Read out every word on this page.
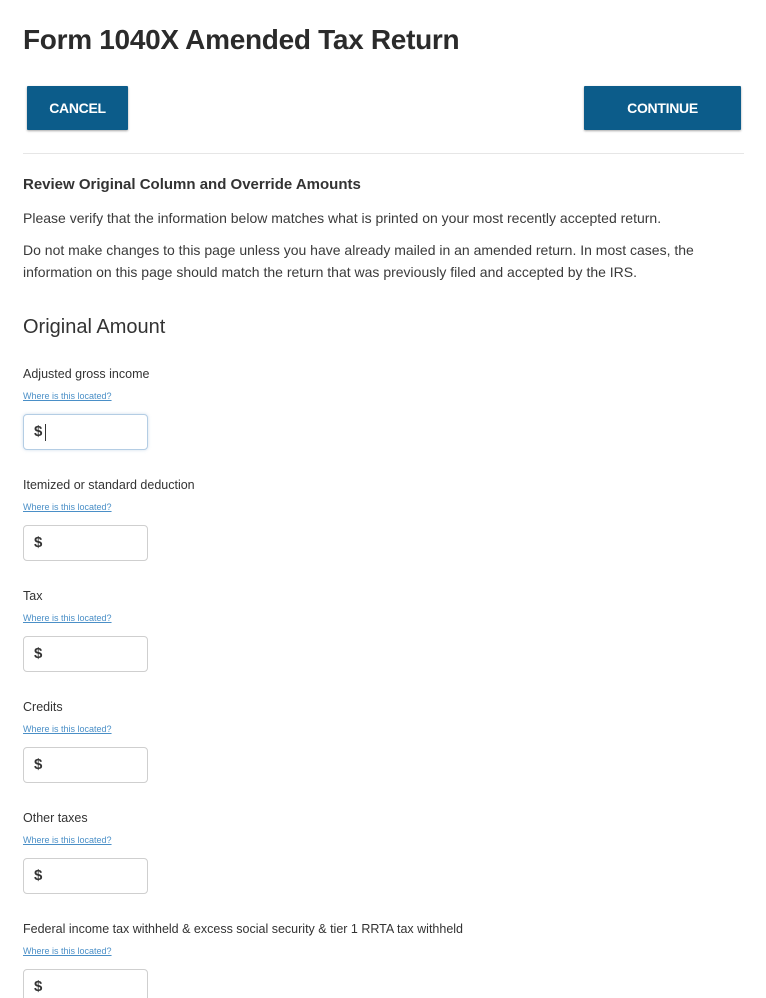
Form 1040X Amended Tax Return
CANCEL	CONTINUE
Review Original Column and Override Amounts

Please verify that the information below matches what is printed on your most recently accepted return.

Do not make changes to this page unless you have already mailed in an amended return. In most cases, the information on this page should match the return that was previously filed and accepted by the IRS.

Original Amount
Adjusted gross income
Where is this located?
$
Itemized or standard deduction
Where is this located?
$
Tax
Where is this located?
$
Credits
Where is this located?
$
Other taxes
Where is this located?
$
Federal income tax withheld & excess social security & tier 1 RRTA tax withheld
Where is this located?
$
